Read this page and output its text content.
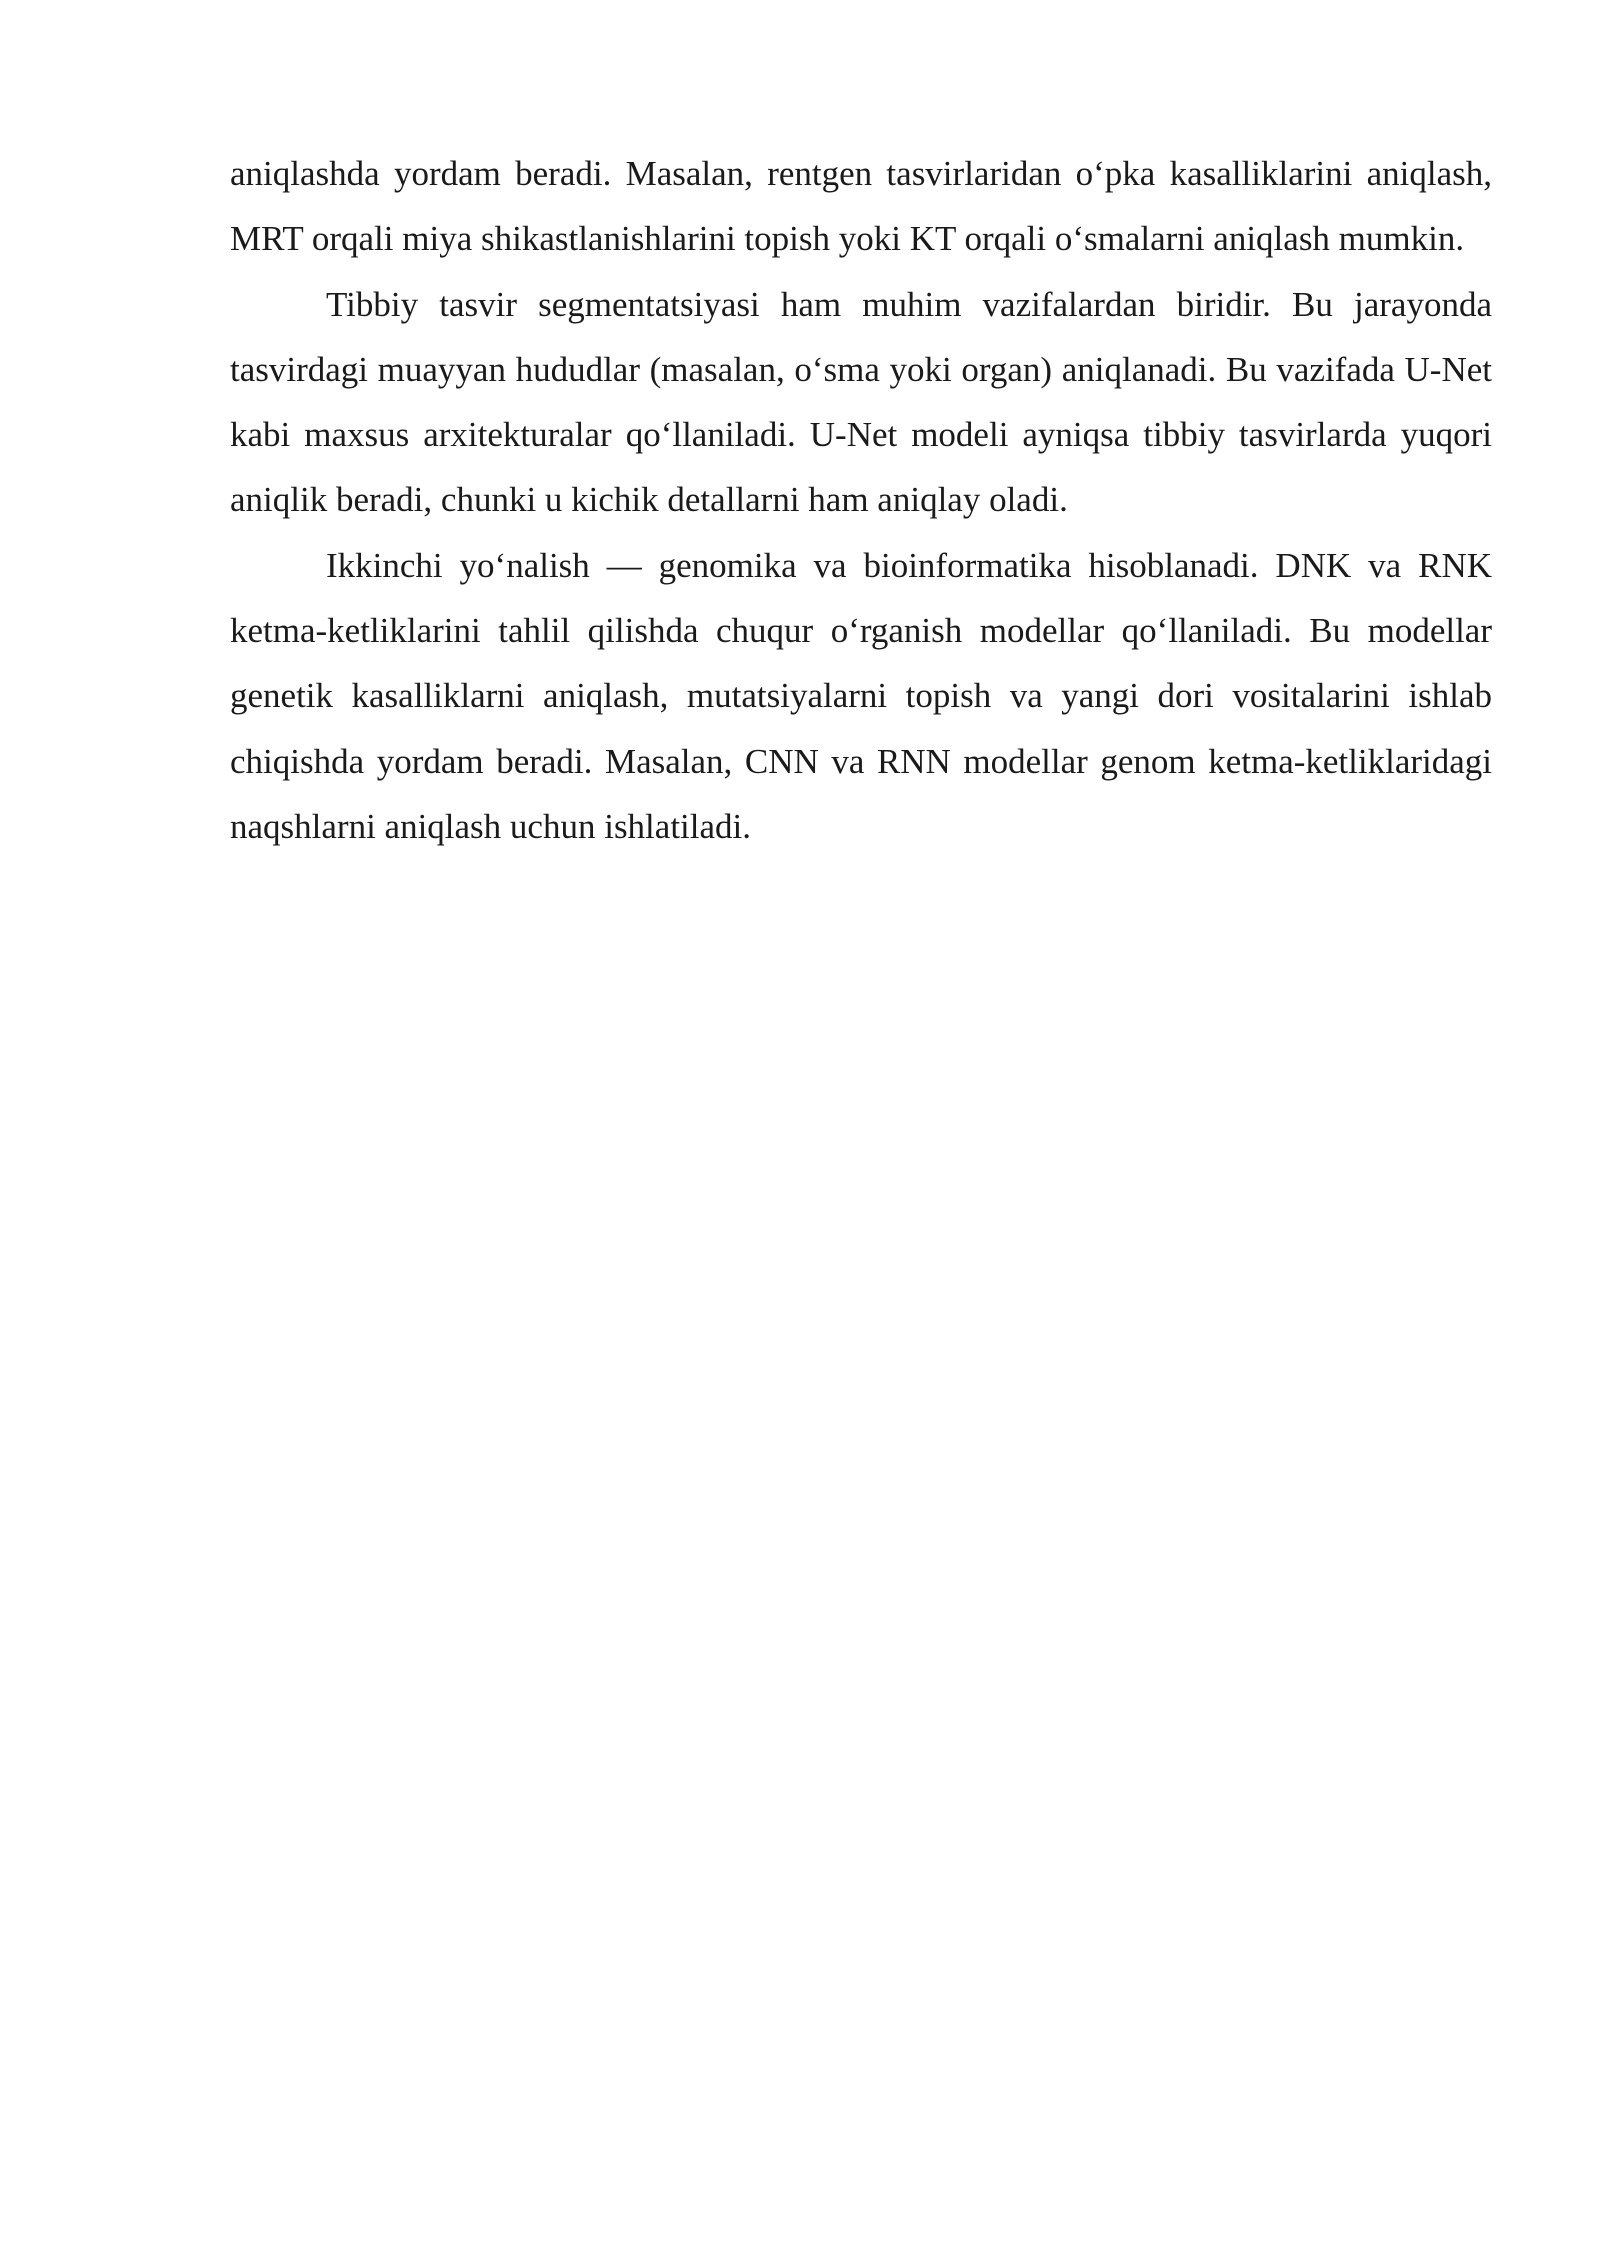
aniqlashda yordam beradi. Masalan, rentgen tasvirlaridan o‘pka kasalliklarini aniqlash, MRT orqali miya shikastlanishlarini topish yoki KT orqali o‘smalarni aniqlash mumkin.

Tibbiy tasvir segmentatsiyasi ham muhim vazifalardan biridir. Bu jarayonda tasvirdagi muayyan hududlar (masalan, o‘sma yoki organ) aniqlanadi. Bu vazifada U-Net kabi maxsus arxitekturalar qo‘llaniladi. U-Net modeli ayniqsa tibbiy tasvirlarda yuqori aniqlik beradi, chunki u kichik detallarni ham aniqlay oladi.

Ikkinchi yo‘nalish — genomika va bioinformatika hisoblanadi. DNK va RNK ketma-ketliklarini tahlil qilishda chuqur o‘rganish modellar qo‘llaniladi. Bu modellar genetik kasalliklarni aniqlash, mutatsiyalarni topish va yangi dori vositalarini ishlab chiqishda yordam beradi. Masalan, CNN va RNN modellar genom ketma-ketliklaridagi naqshlarni aniqlash uchun ishlatiladi.
